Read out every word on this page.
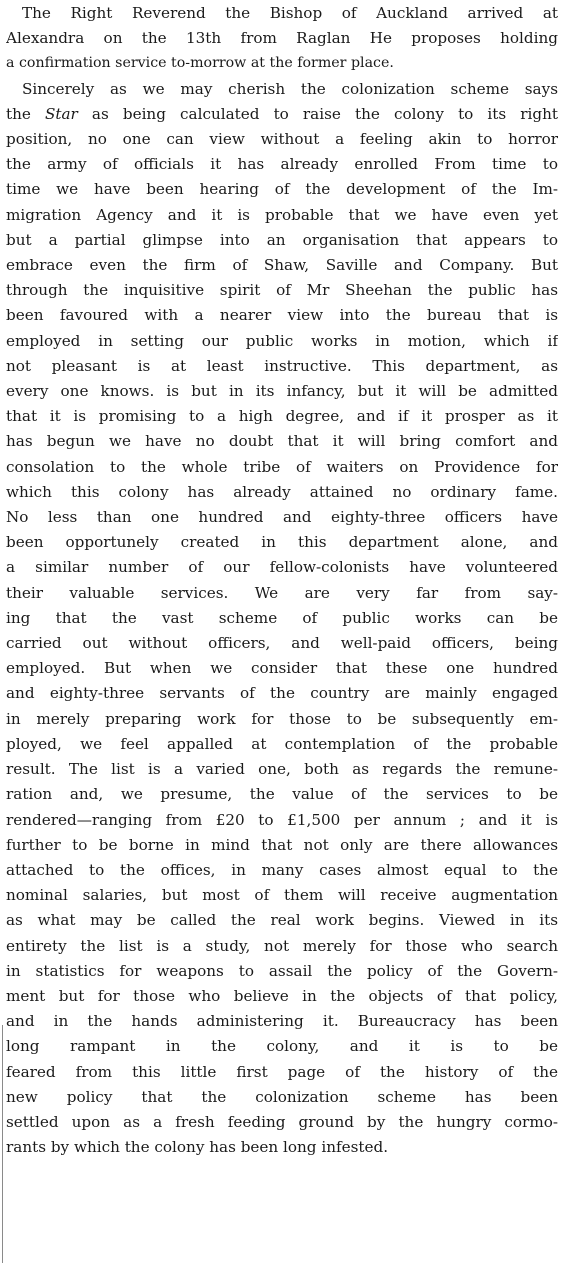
The Right Reverend the Bishop of Auckland arrived at
Alexandra on the 13th from Raglan He proposes holding
a confirmation service to-morrow at the former place.
Sincerely as we may cherish the colonization scheme says
the Star as being calculated to raise the colony to its right
position, no one can view without a feeling akin to horror
the army of officials it has already enrolled From time to
time we have been hearing of the development of the Im-
migration Agency and it is probable that we have even yet
but a partial glimpse into an organisation that appears to
embrace even the firm of Shaw, Saville and Company. But
through the inquisitive spirit of Mr Sheehan the public has
been favoured with a nearer view into the bureau that is
employed in setting our public works in motion, which if
not pleasant is at least instructive. This department, as
every one knows. is but in its infancy, but it will be admitted
that it is promising to a high degree, and if it prosper as it
has begun we have no doubt that it will bring comfort and
consolation to the whole tribe of waiters on Providence for
which this colony has already attained no ordinary fame.
No less than one hundred and eighty-three officers have
been opportunely created in this department alone, and
a similar number of our fellow-colonists have volunteered
their valuable services. We are very far from say-
ing that the vast scheme of public works can be
carried out without officers, and well-paid officers, being
employed. But when we consider that these one hundred
and eighty-three servants of the country are mainly engaged
in merely preparing work for those to be subsequently em-
ployed, we feel appalled at contemplation of the probable
result. The list is a varied one, both as regards the remune-
ration and, we presume, the value of the services to be
rendered—ranging from £20 to £1,500 per annum ; and it is
further to be borne in mind that not only are there allowances
attached to the offices, in many cases almost equal to the
nominal salaries, but most of them will receive augmentation
as what may be called the real work begins. Viewed in its
entirety the list is a study, not merely for those who search
in statistics for weapons to assail the policy of the Govern-
ment but for those who believe in the objects of that policy,
and in the hands administering it. Bureaucracy has been
long rampant in the colony, and it is to be
feared from this little first page of the history of the
new policy that the colonization scheme has been
settled upon as a fresh feeding ground by the hungry cormo-
rants by which the colony has been long infested.
